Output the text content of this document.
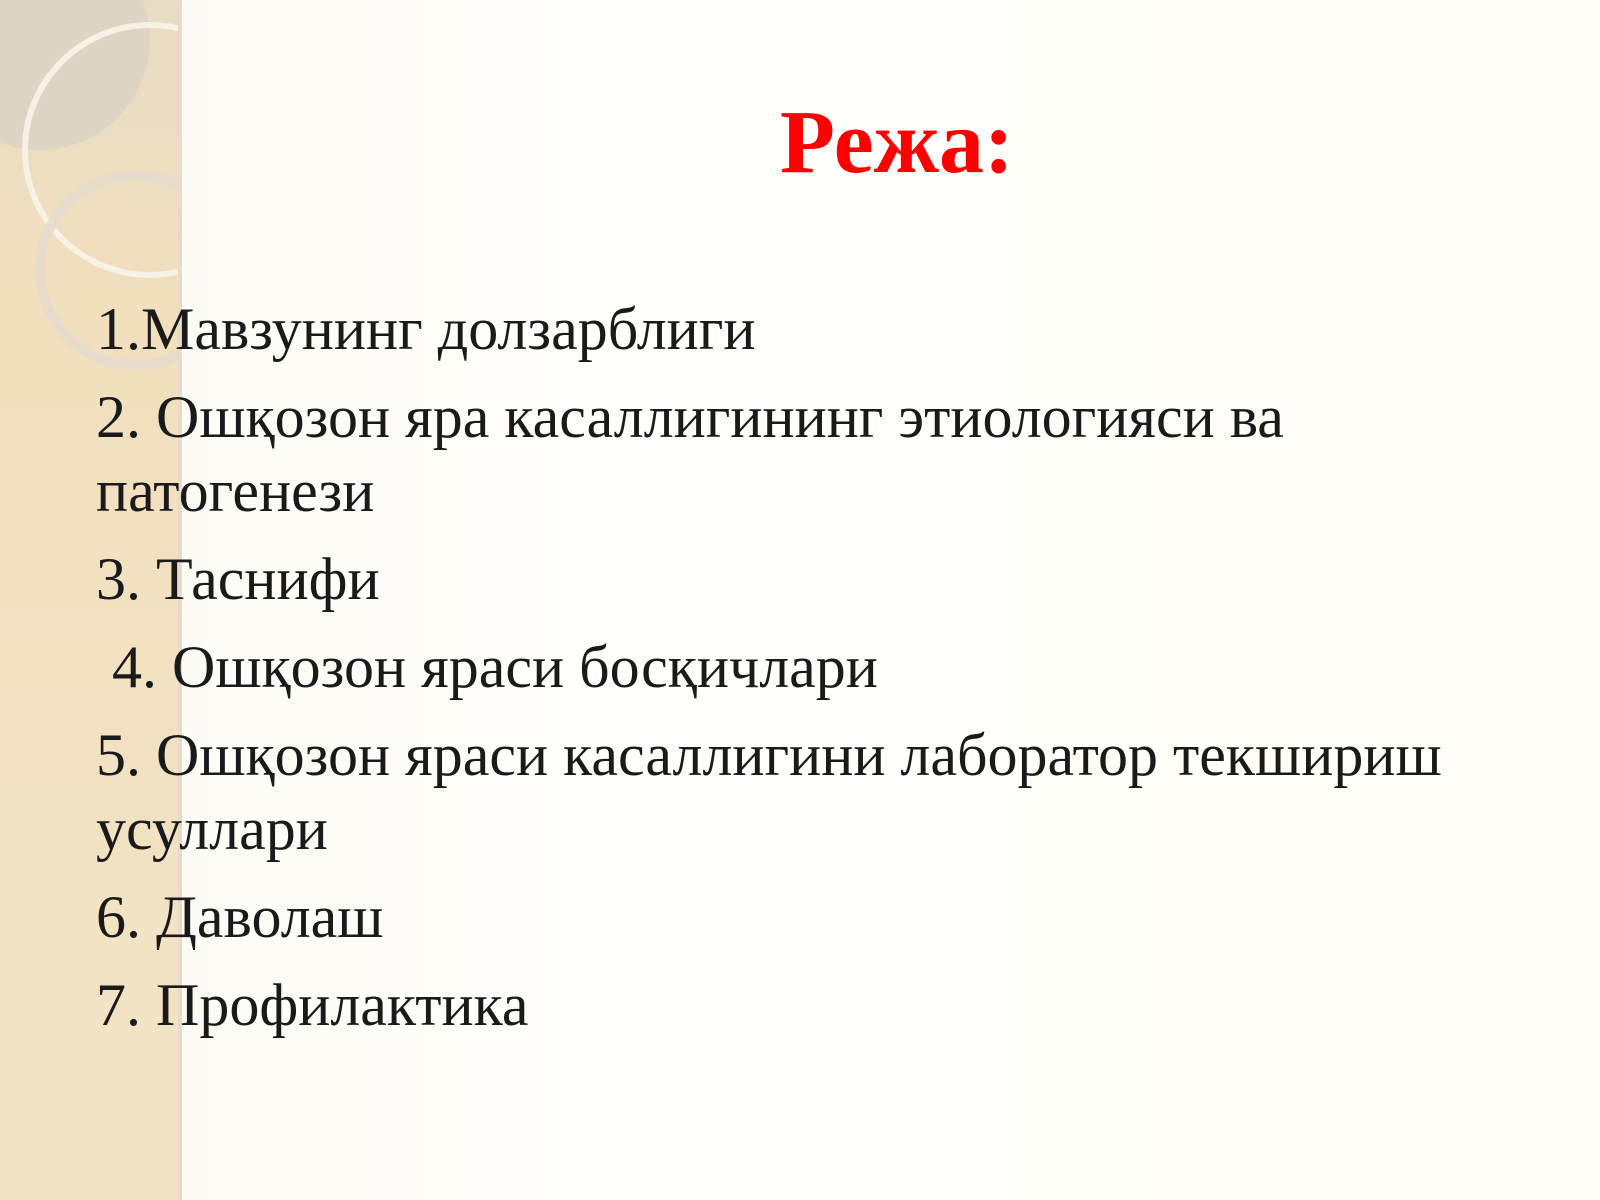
Режа:
1.Мавзунинг долзарблиги
2. Ошқозон яра касаллигининг этиологияси ва патогенези
3. Таснифи
4. Ошқозон яраси босқичлари
5. Ошқозон яраси касаллигини лаборатор текшириш усуллари
6. Даволаш
7. Профилактика
